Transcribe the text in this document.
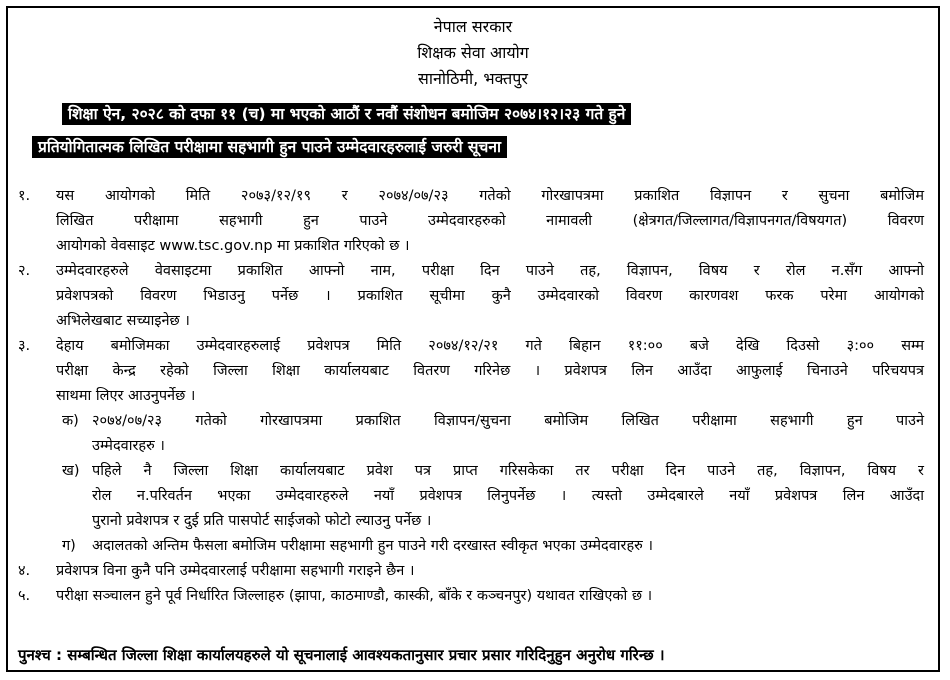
नेपाल सरकार
शिक्षक सेवा आयोग
सानोठिमी, भक्तपुर
शिक्षा ऐन, २०२८ को दफा ११ (च) मा भएको आठौं र नवौं संशोधन बमोजिम २०७४।१२।२३ गते हुने
प्रतियोगितात्मक लिखित परीक्षामा सहभागी हुन पाउने उम्मेदवारहरुलाई जरुरी सूचना
१. यस आयोगको मिति २०७३/१२/१९ र २०७४/०७/२३ गतेको गोरखापत्रमा प्रकाशित विज्ञापन र सुचना बमोजिम
लिखित परीक्षामा सहभागी हुन पाउने उम्मेदवारहरुको नामावली (क्षेत्रगत/जिल्लागत/विज्ञापनगत/विषयगत) विवरण
आयोगको वेवसाइट www.tsc.gov.np मा प्रकाशित गरिएको छ ।
२. उम्मेदवारहरुले वेवसाइटमा प्रकाशित आफ्नो नाम, परीक्षा दिन पाउने तह, विज्ञापन, विषय र रोल न.सँग आफ्नो
प्रवेशपत्रको विवरण भिडाउनु पर्नेछ । प्रकाशित सूचीमा कुनै उम्मेदवारको विवरण कारणवश फरक परेमा आयोगको
अभिलेखबाट सच्याइनेछ ।
३. देहाय बमोजिमका उम्मेदवारहरुलाई प्रवेशपत्र मिति २०७४/१२/२१ गते बिहान ११:०० बजे देखि दिउसो ३:०० सम्म
परीक्षा केन्द्र रहेको जिल्ला शिक्षा कार्यालयबाट वितरण गरिनेछ । प्रवेशपत्र लिन आउँदा आफुलाई चिनाउने परिचयपत्र
साथमा लिएर आउनुपर्नेछ ।
क) २०७४/०७/२३ गतेको गोरखापत्रमा प्रकाशित विज्ञापन/सुचना बमोजिम लिखित परीक्षामा सहभागी हुन पाउने
उम्मेदवारहरु ।
ख) पहिले नै जिल्ला शिक्षा कार्यालयबाट प्रवेश पत्र प्राप्त गरिसकेका तर परीक्षा दिन पाउने तह, विज्ञापन, विषय र
रोल न.परिवर्तन भएका उम्मेदवारहरुले नयाँ प्रवेशपत्र लिनुपर्नेछ । त्यस्तो उम्मेदबारले नयाँ प्रवेशपत्र लिन आउँदा
पुरानो प्रवेशपत्र र दुई प्रति पासपोर्ट साईजको फोटो ल्याउनु पर्नेछ ।
ग) अदालतको अन्तिम फैसला बमोजिम परीक्षामा सहभागी हुन पाउने गरी दरखास्त स्वीकृत भएका उम्मेदवारहरु ।
४. प्रवेशपत्र विना कुनै पनि उम्मेदवारलाई परीक्षामा सहभागी गराइने छैन ।
५. परीक्षा सञ्चालन हुने पूर्व निर्धारित जिल्लाहरु (झापा, काठमाण्डौ, कास्की, बाँके र कञ्चनपुर) यथावत राखिएको छ ।
पुनश्च : सम्बन्धित जिल्ला शिक्षा कार्यालयहरुले यो सूचनालाई आवश्यकतानुसार प्रचार प्रसार गरिदिनुहुन अनुरोध गरिन्छ ।
